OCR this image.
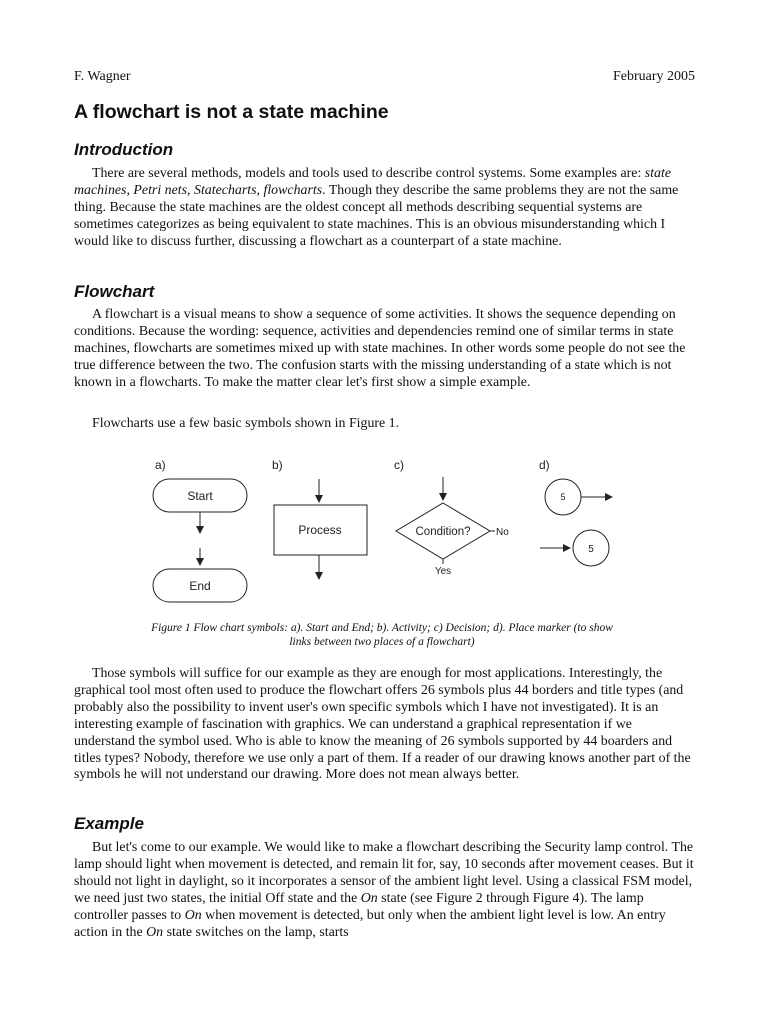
F. Wagner	February 2005
A flowchart is not a state machine
Introduction

There are several methods, models and tools used to describe control systems. Some examples are: state machines, Petri nets, Statecharts, flowcharts. Though they describe the same problems they are not the same thing. Because the state machines are the oldest concept all methods describing sequential systems are sometimes categorizes as being equivalent to state machines. This is an obvious misunderstanding which I would like to discuss further, discussing a flowchart as a counterpart of a state machine.

Flowchart

A flowchart is a visual means to show a sequence of some activities. It shows the sequence depending on conditions. Because the wording: sequence, activities and dependencies remind one of similar terms in state machines, flowcharts are sometimes mixed up with state machines. In other words some people do not see the true difference between the two. The confusion starts with the missing understanding of a state which is not known in a flowcharts. To make the matter clear let's first show a simple example.

Flowcharts use a few basic symbols shown in Figure 1.

a)
Start
End
b)
Process
c)
Condition?	No
Yes
d)
5
5

Figure 1 Flow chart symbols: a). Start and End; b). Activity; c) Decision; d). Place marker (to show links between two places of a flowchart)

Those symbols will suffice for our example as they are enough for most applications. Interestingly, the graphical tool most often used to produce the flowchart offers 26 symbols plus 44 borders and title types (and probably also the possibility to invent user's own specific symbols which I have not investigated). It is an interesting example of fascination with graphics. We can understand a graphical representation if we understand the symbol used. Who is able to know the meaning of 26 symbols supported by 44 boarders and titles types? Nobody, therefore we use only a part of them. If a reader of our drawing knows another part of the symbols he will not understand our drawing. More does not mean always better.

Example

But let's come to our example. We would like to make a flowchart describing the Security lamp control. The lamp should light when movement is detected, and remain lit for, say, 10 seconds after movement ceases. But it should not light in daylight, so it incorporates a sensor of the ambient light level. Using a classical FSM model, we need just two states, the initial Off state and the On state (see Figure 2 through Figure 4). The lamp controller passes to On when movement is detected, but only when the ambient light level is low. An entry action in the On state switches on the lamp, starts
